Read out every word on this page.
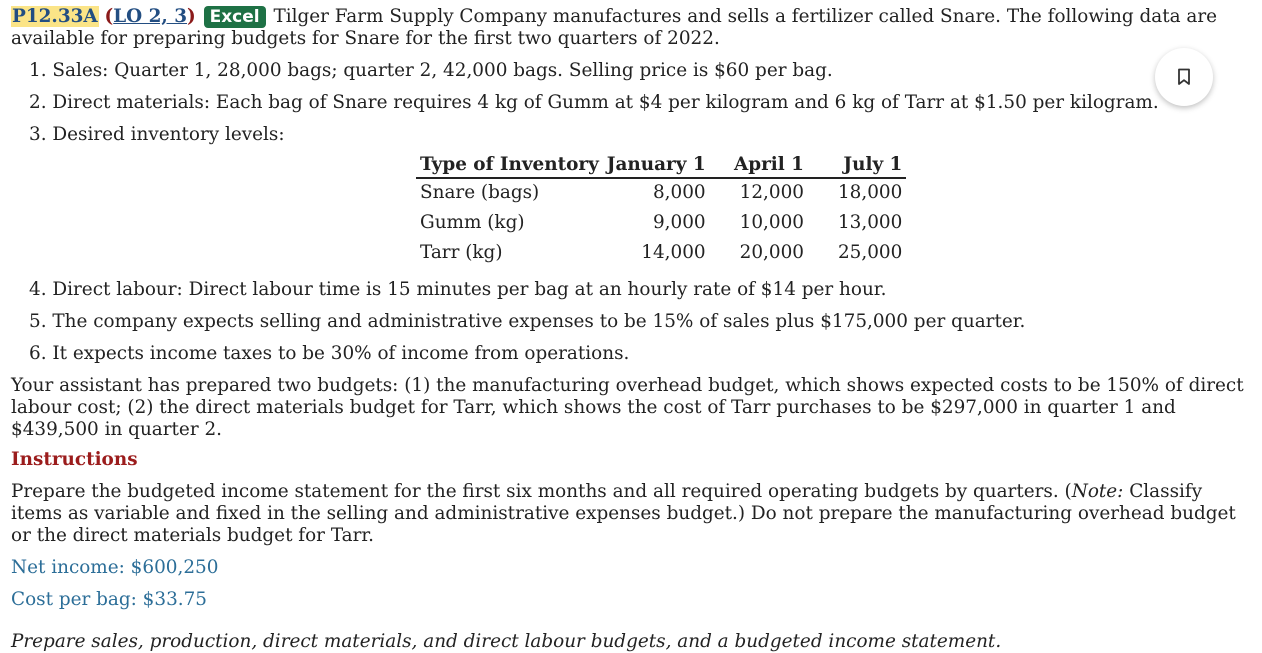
P12.33A (LO 2, 3) Excel Tilger Farm Supply Company manufactures and sells a fertilizer called Snare. The following data are available for preparing budgets for Snare for the first two quarters of 2022.

1. Sales: Quarter 1, 28,000 bags; quarter 2, 42,000 bags. Selling price is $60 per bag.
2. Direct materials: Each bag of Snare requires 4 kg of Gumm at $4 per kilogram and 6 kg of Tarr at $1.50 per kilogram.
3. Desired inventory levels:
Type of Inventory	January 1	April 1	July 1
Snare (bags)	8,000	12,000	18,000
Gumm (kg)	9,000	10,000	13,000
Tarr (kg)	14,000	20,000	25,000
4. Direct labour: Direct labour time is 15 minutes per bag at an hourly rate of $14 per hour.
5. The company expects selling and administrative expenses to be 15% of sales plus $175,000 per quarter.
6. It expects income taxes to be 30% of income from operations.

Your assistant has prepared two budgets: (1) the manufacturing overhead budget, which shows expected costs to be 150% of direct labour cost; (2) the direct materials budget for Tarr, which shows the cost of Tarr purchases to be $297,000 in quarter 1 and $439,500 in quarter 2.

Instructions

Prepare the budgeted income statement for the first six months and all required operating budgets by quarters. (Note: Classify items as variable and fixed in the selling and administrative expenses budget.) Do not prepare the manufacturing overhead budget or the direct materials budget for Tarr.

Net income: $600,250

Cost per bag: $33.75

Prepare sales, production, direct materials, and direct labour budgets, and a budgeted income statement.
